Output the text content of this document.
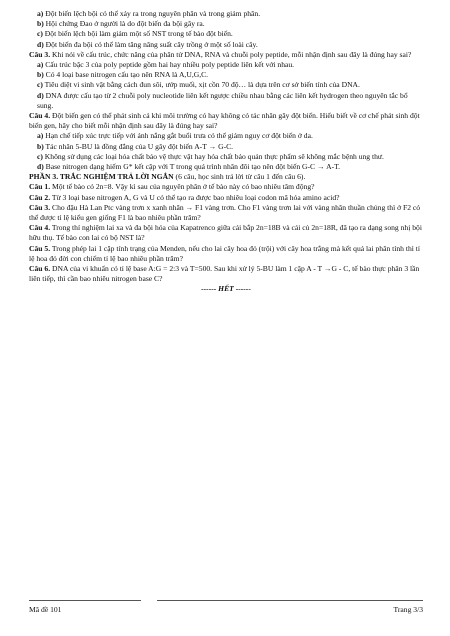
a) Đột biến lệch bội có thể xảy ra trong nguyên phân và trong giảm phân.

b) Hội chứng Đao ở người là do đột biến đa bội gây ra.

c) Đột biến lệch bội làm giảm một số NST trong tế bào đột biến.

d) Đột biến đa bội có thể làm tăng năng suất cây trồng ở một số loài cây.

Câu 3. Khi nói về cấu trúc, chức năng của phân tử DNA, RNA và chuỗi poly peptide, mỗi nhận định sau đây là đúng hay sai?

a) Cấu trúc bậc 3 của poly peptide gồm hai hay nhiều poly peptide liên kết với nhau.

b) Có 4 loại base nitrogen cấu tạo nên RNA là A,U,G,C.

c) Tiêu diệt vi sinh vật bằng cách đun sôi, ướp muối, xịt cồn 70 độ… là dựa trên cơ sở biến tính của DNA.

d) DNA được cấu tạo từ 2 chuỗi poly nucleotide liên kết ngược chiều nhau bằng các liên kết hydrogen theo nguyên tắc bổ sung.

Câu 4. Đột biến gen có thể phát sinh cả khi môi trường có hay không có tác nhân gây đột biến. Hiểu biết về cơ chế phát sinh đột biến gen, hãy cho biết mỗi nhận định sau đây là đúng hay sai?

a) Hạn chế tiếp xúc trực tiếp với ánh nắng gắt buổi trưa có thể giảm nguy cơ đột biến ở da.

b) Tác nhân 5-BU là đồng đẳng của U gây đột biến A-T → G-C.

c) Không sử dụng các loại hóa chất bảo vệ thực vật hay hóa chất bảo quản thực phẩm sẽ không mắc bệnh ung thư.

d) Base nitrogen dạng hiếm G* kết cặp với T trong quá trình nhân đôi tạo nên đột biến G-C → A-T.

PHẦN 3. TRẮC NGHIỆM TRẢ LỜI NGẮN (6 câu, học sinh trả lời từ câu 1 đến câu 6).

Câu 1. Một tế bào có 2n=8. Vậy kì sau của nguyên phân ở tế bào này có bao nhiêu tâm động?

Câu 2. Từ 3 loại base nitrogen A, G và U có thể tạo ra được bao nhiêu loại codon mã hóa amino acid?

Câu 3. Cho đậu Hà Lan Ptc vàng trơn x xanh nhăn → F1 vàng trơn. Cho F1 vàng trơn lai với vàng nhăn thuần chủng thì ở F2 có thể được tỉ lệ kiểu gen giống F1 là bao nhiêu phần trăm?

Câu 4. Trong thí nghiệm lai xa và đa bội hóa của Kapatrenco giữa cải bắp 2n=18B và cải củ 2n=18R, đã tạo ra dạng song nhị bội hữu thụ. Tế bào con lai có bộ NST là?

Câu 5. Trong phép lai 1 cặp tính trạng của Menden, nếu cho lai cây hoa đỏ (trội) với cây hoa trắng mà kết quả lai phân tính thì tỉ lệ hoa đỏ đời con chiếm tỉ lệ bao nhiêu phần trăm?

Câu 6. DNA của vi khuẩn có tỉ lệ base A:G = 2:3 và T=500. Sau khi xử lý 5-BU làm 1 cặp A - T →G - C, tế bào thực phân 3 lần liên tiếp, thì cần bao nhiêu nitrogen base C?

------ HẾT ------

Mã đề 101	Trang 3/3
